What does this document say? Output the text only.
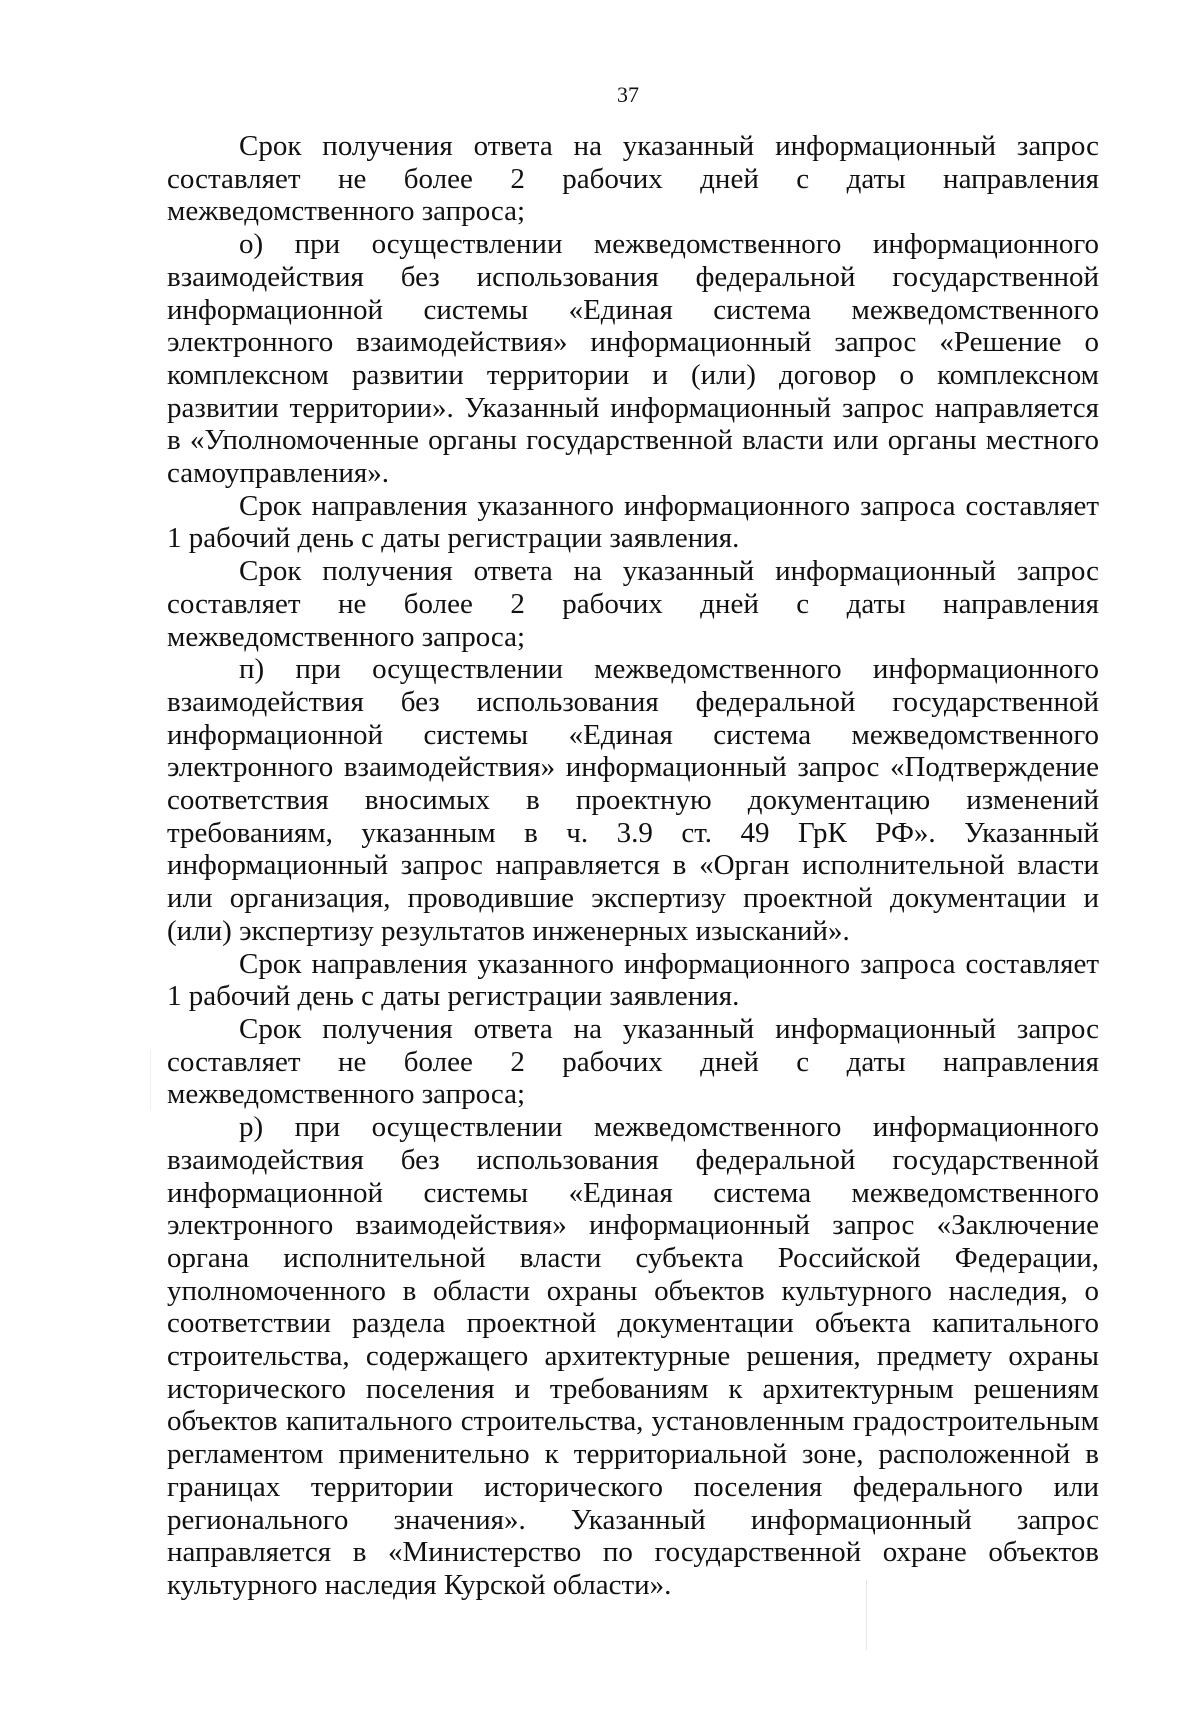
37

Срок получения ответа на указанный информационный запрос составляет не более 2 рабочих дней с даты направления межведомственного запроса;

о) при осуществлении межведомственного информационного взаимодействия без использования федеральной государственной информационной системы «Единая система межведомственного электронного взаимодействия» информационный запрос «Решение о комплексном развитии территории и (или) договор о комплексном развитии территории». Указанный информационный запрос направляется в «Уполномоченные органы государственной власти или органы местного самоуправления».

Срок направления указанного информационного запроса составляет 1 рабочий день с даты регистрации заявления.

Срок получения ответа на указанный информационный запрос составляет не более 2 рабочих дней с даты направления межведомственного запроса;

п) при осуществлении межведомственного информационного взаимодействия без использования федеральной государственной информационной системы «Единая система межведомственного электронного взаимодействия» информационный запрос «Подтверждение соответствия вносимых в проектную документацию изменений требованиям, указанным в ч. 3.9 ст. 49 ГрК РФ». Указанный информационный запрос направляется в «Орган исполнительной власти или организация, проводившие экспертизу проектной документации и (или) экспертизу результатов инженерных изысканий».

Срок направления указанного информационного запроса составляет 1 рабочий день с даты регистрации заявления.

Срок получения ответа на указанный информационный запрос составляет не более 2 рабочих дней с даты направления межведомственного запроса;

р) при осуществлении межведомственного информационного взаимодействия без использования федеральной государственной информационной системы «Единая система межведомственного электронного взаимодействия» информационный запрос «Заключение органа исполнительной власти субъекта Российской Федерации, уполномоченного в области охраны объектов культурного наследия, о соответствии раздела проектной документации объекта капитального строительства, содержащего архитектурные решения, предмету охраны исторического поселения и требованиям к архитектурным решениям объектов капитального строительства, установленным градостроительным регламентом применительно к территориальной зоне, расположенной в границах территории исторического поселения федерального или регионального значения». Указанный информационный запрос направляется в «Министерство по государственной охране объектов культурного наследия Курской области».
